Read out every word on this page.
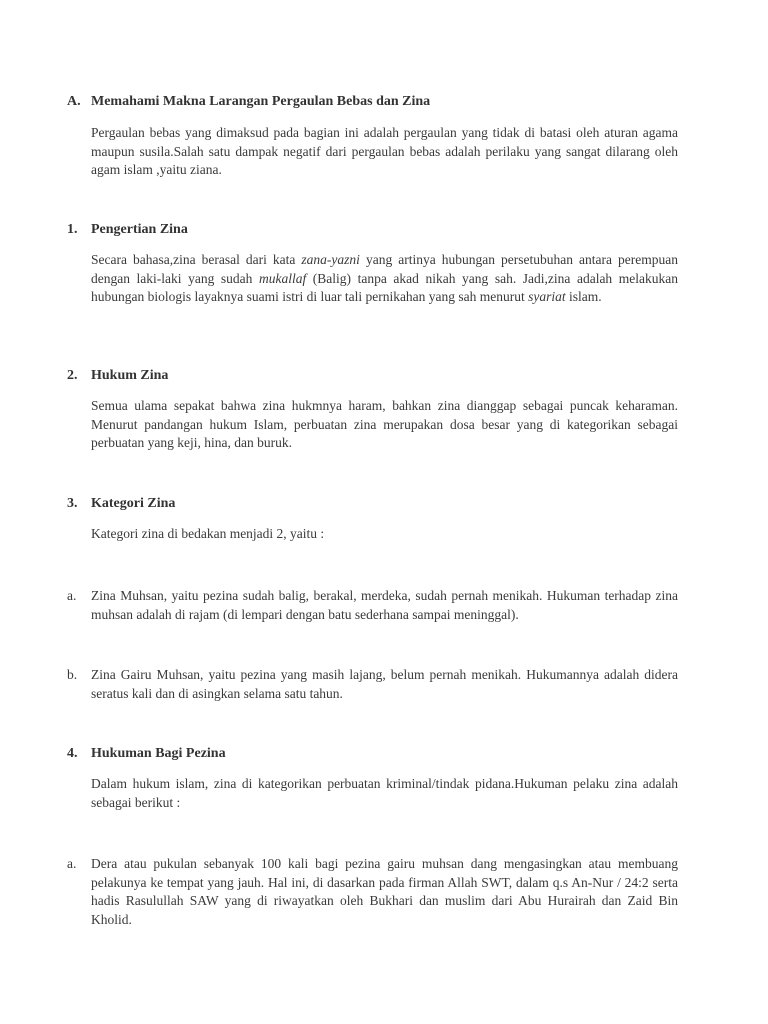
A. Memahami Makna Larangan Pergaulan Bebas dan Zina

Pergaulan bebas yang dimaksud pada bagian ini adalah pergaulan yang tidak di batasi oleh aturan agama maupun susila.Salah satu dampak negatif dari pergaulan bebas adalah perilaku yang sangat dilarang oleh agam islam ,yaitu ziana.

1. Pengertian Zina

Secara bahasa,zina berasal dari kata zana-yazni yang artinya hubungan persetubuhan antara perempuan dengan laki-laki yang sudah mukallaf (Balig) tanpa akad nikah yang sah. Jadi,zina adalah melakukan hubungan biologis layaknya suami istri di luar tali pernikahan yang sah menurut syariat islam.

2. Hukum Zina

Semua ulama sepakat bahwa zina hukmnya haram, bahkan zina dianggap sebagai puncak keharaman. Menurut pandangan hukum Islam, perbuatan zina merupakan dosa besar yang di kategorikan sebagai perbuatan yang keji, hina, dan buruk.

3. Kategori Zina

Kategori zina di bedakan menjadi 2, yaitu :

a. Zina Muhsan, yaitu pezina sudah balig, berakal, merdeka, sudah pernah menikah. Hukuman terhadap zina muhsan adalah di rajam (di lempari dengan batu sederhana sampai meninggal).
b. Zina Gairu Muhsan, yaitu pezina yang masih lajang, belum pernah menikah. Hukumannya adalah didera seratus kali dan di asingkan selama satu tahun.
4. Hukuman Bagi Pezina

Dalam hukum islam, zina di kategorikan perbuatan kriminal/tindak pidana.Hukuman pelaku zina adalah sebagai berikut :

a. Dera atau pukulan sebanyak 100 kali bagi pezina gairu muhsan dang mengasingkan atau membuang pelakunya ke tempat yang jauh. Hal ini, di dasarkan pada firman Allah SWT, dalam q.s An-Nur / 24:2 serta hadis Rasulullah SAW yang di riwayatkan oleh Bukhari dan muslim dari Abu Hurairah dan Zaid Bin Kholid.
